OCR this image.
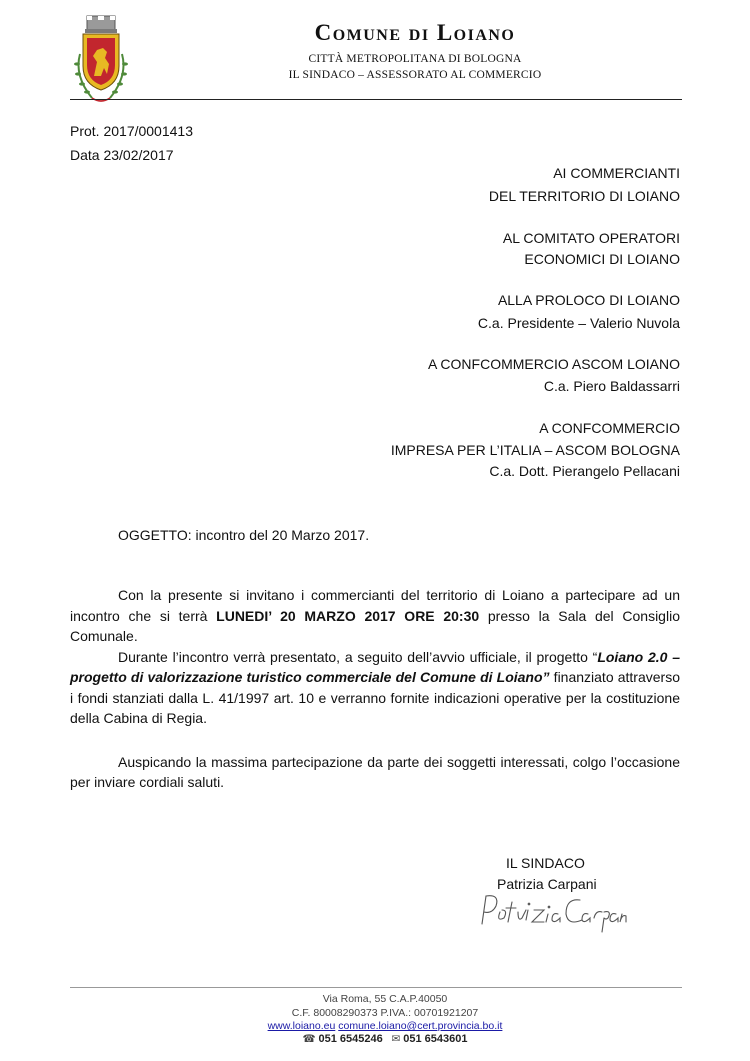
Comune di Loiano
CITTÀ METROPOLITANA DI BOLOGNA
IL SINDACO – ASSESSORATO AL COMMERCIO
Prot. 2017/0001413
Data 23/02/2017
AI COMMERCIANTI
DEL TERRITORIO DI LOIANO
AL COMITATO OPERATORI
ECONOMICI DI LOIANO
ALLA PROLOCO DI LOIANO
C.a. Presidente – Valerio Nuvola
A CONFCOMMERCIO ASCOM LOIANO
C.a. Piero Baldassarri
A CONFCOMMERCIO
IMPRESA PER L’ITALIA – ASCOM BOLOGNA
C.a. Dott. Pierangelo Pellacani
OGGETTO: incontro del 20 Marzo 2017.

Con la presente si invitano i commercianti del territorio di Loiano a partecipare ad un incontro che si terrà LUNEDI’ 20 MARZO 2017 ORE 20:30 presso la Sala del Consiglio Comunale.

Durante l’incontro verrà presentato, a seguito dell’avvio ufficiale, il progetto “Loiano 2.0 – progetto di valorizzazione turistico commerciale del Comune di Loiano” finanziato attraverso i fondi stanziati dalla L. 41/1997 art. 10 e verranno fornite indicazioni operative per la costituzione della Cabina di Regia.

Auspicando la massima partecipazione da parte dei soggetti interessati, colgo l’occasione per inviare cordiali saluti.

IL SINDACO
Patrizia Carpani
Via Roma, 55 C.A.P.40050
C.F. 80008290373 P.IVA.: 00701921207
www.loiano.eu comune.loiano@cert.provincia.bo.it
☎ 051 6545246 ✉ 051 6543601
